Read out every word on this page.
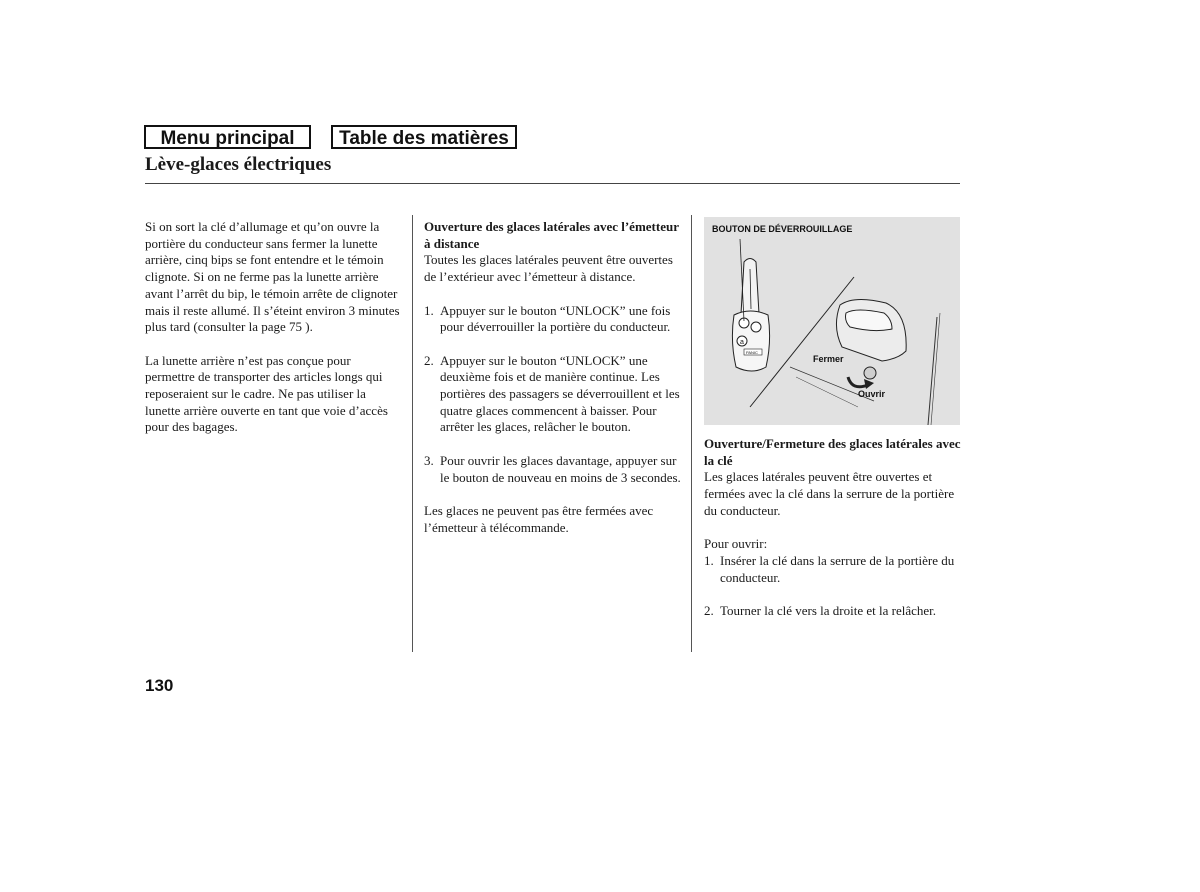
Menu principal	Table des matières
Lève-glaces électriques

Si on sort la clé d’allumage et qu’on ouvre la portière du conducteur sans fermer la lunette arrière, cinq bips se font entendre et le témoin clignote. Si on ne ferme pas la lunette arrière avant l’arrêt du bip, le témoin arrête de clignoter mais il reste allumé. Il s’éteint environ 3 minutes plus tard (consulter la page 75 ).

La lunette arrière n’est pas conçue pour permettre de transporter des articles longs qui reposeraient sur le cadre. Ne pas utiliser la lunette arrière ouverte en tant que voie d’accès pour des bagages.

Ouverture des glaces latérales avec l’émetteur à distance

Toutes les glaces latérales peuvent être ouvertes de l’extérieur avec l’émetteur à distance.

1. Appuyer sur le bouton “UNLOCK” une fois pour déverrouiller la portière du conducteur.
2. Appuyer sur le bouton “UNLOCK” une deuxième fois et de manière continue. Les portières des passagers se déverrouillent et les quatre glaces commencent à baisser. Pour arrêter les glaces, relâcher le bouton.
3. Pour ouvrir les glaces davantage, appuyer sur le bouton de nouveau en moins de 3 secondes.

Les glaces ne peuvent pas être fermées avec l’émetteur à télécommande.

BOUTON DE DÉVERROUILLAGE
a
PANIC
Fermer
Ouvrir

Ouverture/Fermeture des glaces latérales avec la clé

Les glaces latérales peuvent être ouvertes et fermées avec la clé dans la serrure de la portière du conducteur.

Pour ouvrir:

1. Insérer la clé dans la serrure de la portière du conducteur.
2. Tourner la clé vers la droite et la relâcher.
130
